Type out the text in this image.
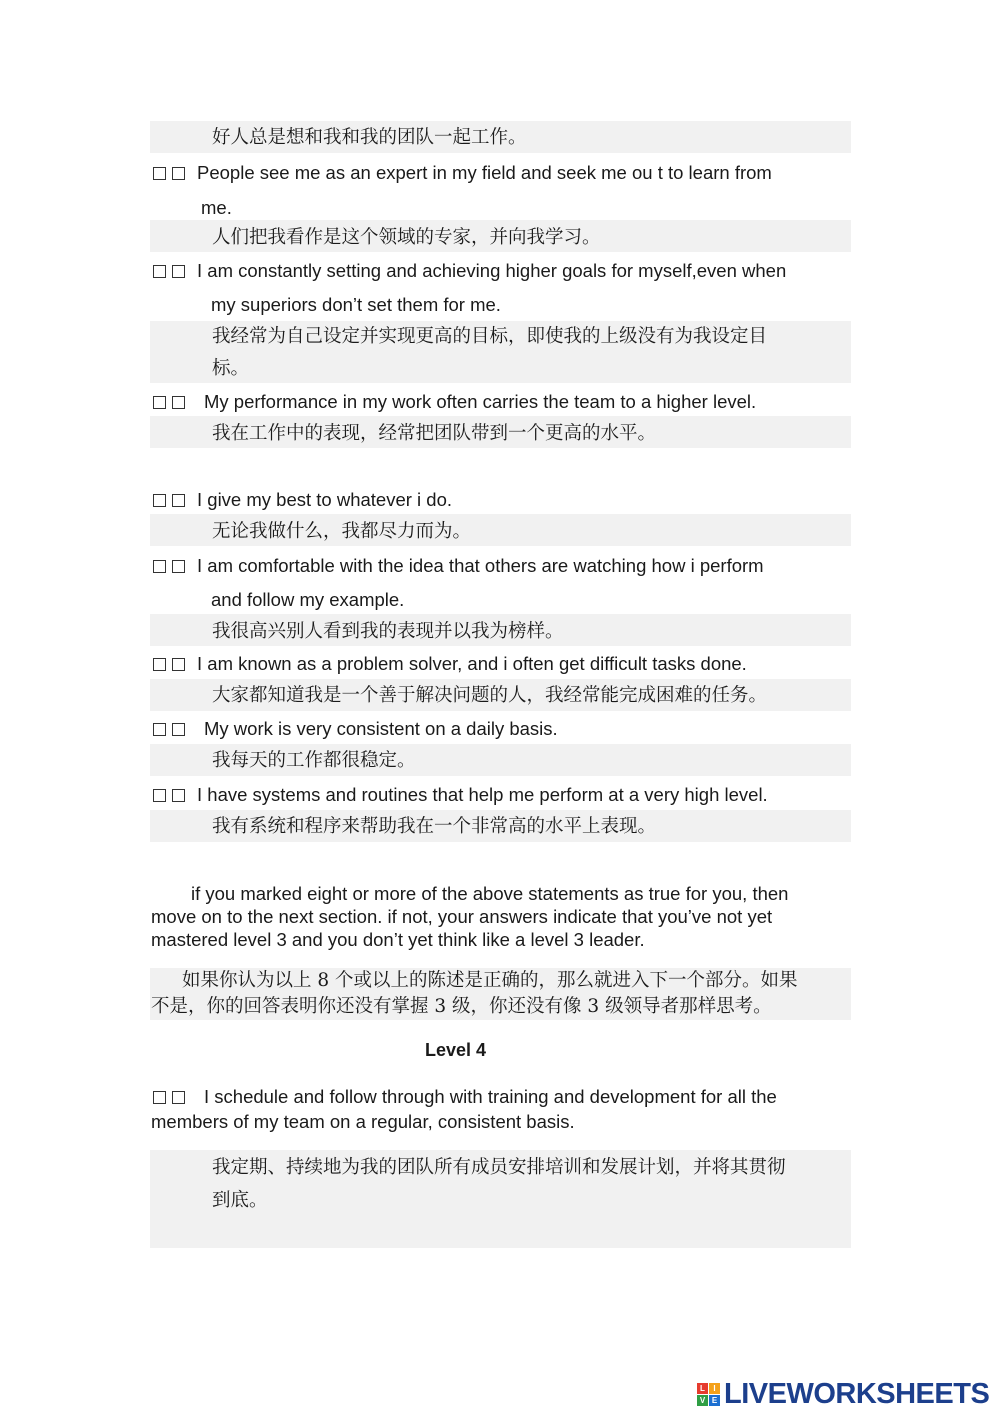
好人总是想和我和我的团队一起工作。
People see me as an expert in my field and seek me ou t to learn from
me.
人们把我看作是这个领域的专家，并向我学习。
I am constantly setting and achieving higher goals for myself,even when
my superiors don’t set them for me.
我经常为自己设定并实现更高的目标，即使我的上级没有为我设定目
标。
My performance in my work often carries the team to a higher level.
我在工作中的表现，经常把团队带到一个更高的水平。
I give my best to whatever i do.
无论我做什么，我都尽力而为。
I am comfortable with the idea that others are watching how i perform
and follow my example.
我很高兴别人看到我的表现并以我为榜样。
I am known as a problem solver, and i often get difficult tasks done.
大家都知道我是一个善于解决问题的人，我经常能完成困难的任务。
My work is very consistent on a daily basis.
我每天的工作都很稳定。
I have systems and routines that help me perform at a very high level.
我有系统和程序来帮助我在一个非常高的水平上表现。
if you marked eight or more of the above statements as true for you, then
move on to the next section. if not, your answers indicate that you’ve not yet
mastered level 3 and you don’t yet think like a level 3 leader.
如果你认为以上 8 个或以上的陈述是正确的，那么就进入下一个部分。如果
不是，你的回答表明你还没有掌握 3 级，你还没有像 3 级领导者那样思考。
Level 4
I schedule and follow through with training and development for all the
members of my team on a regular, consistent basis.
我定期、持续地为我的团队所有成员安排培训和发展计划，并将其贯彻
到底。
L	I
V E LIVEWORKSHEETS
